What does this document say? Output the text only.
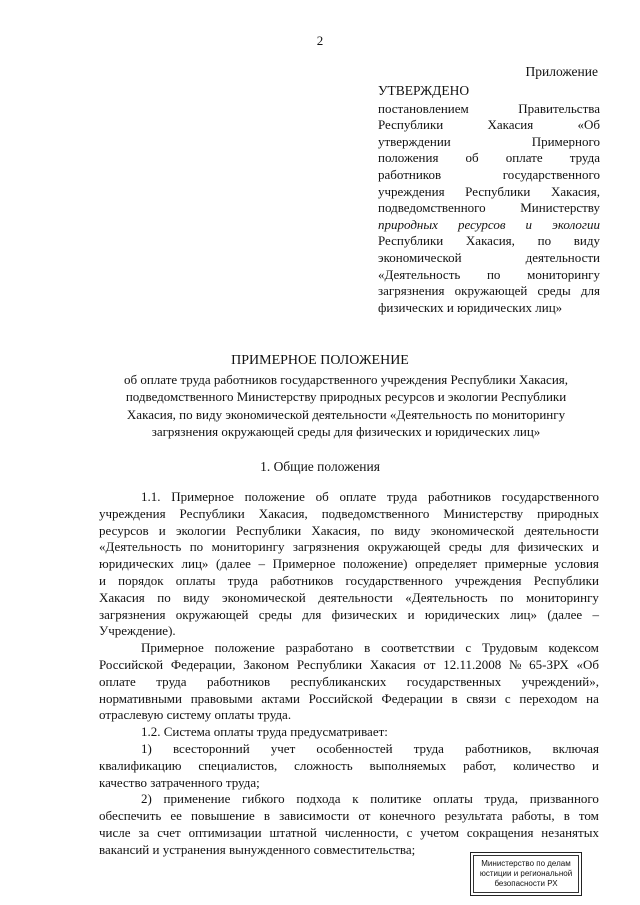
2
Приложение
УТВЕРЖДЕНО
постановлением	Правительства
Республики	Хакасия	«Об
утверждении	Примерного
положения об оплате труда
работников	государственного
учреждения Республики Хакасия,
подведомственного	Министерству
природных ресурсов и экологии
Республики Хакасия, по виду
экономической	деятельности
«Деятельность по мониторингу
загрязнения окружающей среды для
физических и юридических лиц»
ПРИМЕРНОЕ ПОЛОЖЕНИЕ
об оплате труда работников государственного учреждения Республики Хакасия,
подведомственного Министерству природных ресурсов и экологии Республики
Хакасия, по виду экономической деятельности «Деятельность по мониторингу
загрязнения окружающей среды для физических и юридических лиц»
1. Общие положения
1.1. Примерное положение об оплате труда работников государственного
учреждения Республики Хакасия, подведомственного Министерству природных
ресурсов и экологии Республики Хакасия, по виду экономической деятельности
«Деятельность по мониторингу загрязнения окружающей среды для физических и
юридических лиц» (далее – Примерное положение) определяет примерные условия
и порядок оплаты труда работников государственного учреждения Республики
Хакасия по виду экономической деятельности «Деятельность по мониторингу
загрязнения окружающей среды для физических и юридических лиц» (далее –
Учреждение).
Примерное положение разработано в соответствии с Трудовым кодексом
Российской Федерации, Законом Республики Хакасия от 12.11.2008 № 65-ЗРХ «Об
оплате труда работников республиканских государственных учреждений»,
нормативными правовыми актами Российской Федерации в связи с переходом на
отраслевую систему оплаты труда.
1.2. Система оплаты труда предусматривает:
1) всесторонний учет особенностей труда работников, включая
квалификацию специалистов, сложность выполняемых работ, количество и
качество затраченного труда;
2) применение гибкого подхода к политике оплаты труда, призванного
обеспечить ее повышение в зависимости от конечного результата работы, в том
числе за счет оптимизации штатной численности, с учетом сокращения незанятых
вакансий и устранения вынужденного совместительства;
Министерство по делам
юстиции и региональной
безопасности РХ
